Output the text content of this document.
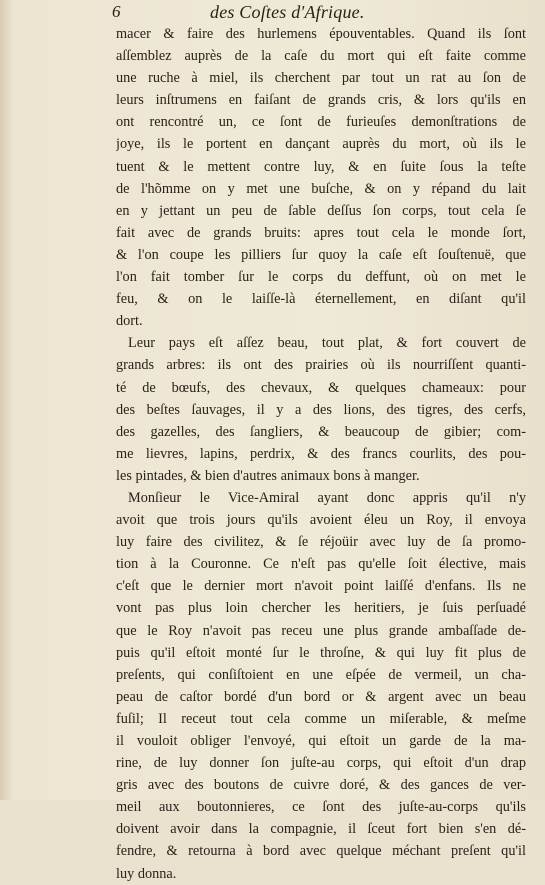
6	des Coſtes d'Afrique.
macer & faire des hurlemens épouventables. Quand ils ſont
aſſemblez auprès de la caſe du mort qui eſt faite comme
une ruche à miel, ils cherchent par tout un rat au ſon de
leurs inſtrumens en faiſant de grands cris, & lors qu'ils en
ont rencontré un, ce ſont de furieuſes demonſtrations de
joye, ils le portent en dançant auprès du mort, où ils le
tuent & le mettent contre luy, & en ſuite ſous la teſte
de l'hõmme on y met une buſche, & on y répand du lait
en y jettant un peu de ſable deſſus ſon corps, tout cela ſe
fait avec de grands bruits: apres tout cela le monde ſort,
& l'on coupe les pilliers ſur quoy la caſe eſt ſouſtenuë, que
l'on fait tomber ſur le corps du deffunt, où on met le
feu, & on le laiſſe-là éternellement, en diſant qu'il
dort.
Leur pays eſt aſſez beau, tout plat, & fort couvert de
grands arbres: ils ont des prairies où ils nourriſſent quanti-
té de bœufs, des chevaux, & quelques chameaux: pour
des beſtes ſauvages, il y a des lions, des tigres, des cerfs,
des gazelles, des ſangliers, & beaucoup de gibier; com-
me lievres, lapins, perdrix, & des francs courlits, des pou-
les pintades, & bien d'autres animaux bons à manger.
Monſieur le Vice-Amiral ayant donc appris qu'il n'y
avoit que trois jours qu'ils avoient éleu un Roy, il envoya
luy faire des civilitez, & ſe réjoüir avec luy de ſa promo-
tion à la Couronne. Ce n'eſt pas qu'elle ſoit élective, mais
c'eſt que le dernier mort n'avoit point laiſſé d'enfans. Ils ne
vont pas plus loin chercher les heritiers, je ſuis perſuadé
que le Roy n'avoit pas receu une plus grande ambaſſade de-
puis qu'il eſtoit monté ſur le throſne, & qui luy fit plus de
preſents, qui conſiſtoient en une eſpée de vermeil, un cha-
peau de caſtor bordé d'un bord or & argent avec un beau
fuſil; Il receut tout cela comme un miſerable, & meſme
il vouloit obliger l'envoyé, qui eſtoit un garde de la ma-
rine, de luy donner ſon juſte-au corps, qui eſtoit d'un drap
gris avec des boutons de cuivre doré, & des gances de ver-
meil aux boutonnieres, ce ſont des juſte-au-corps qu'ils
doivent avoir dans la compagnie, il ſceut fort bien s'en dé-
fendre, & retourna à bord avec quelque méchant preſent qu'il
luy donna.
